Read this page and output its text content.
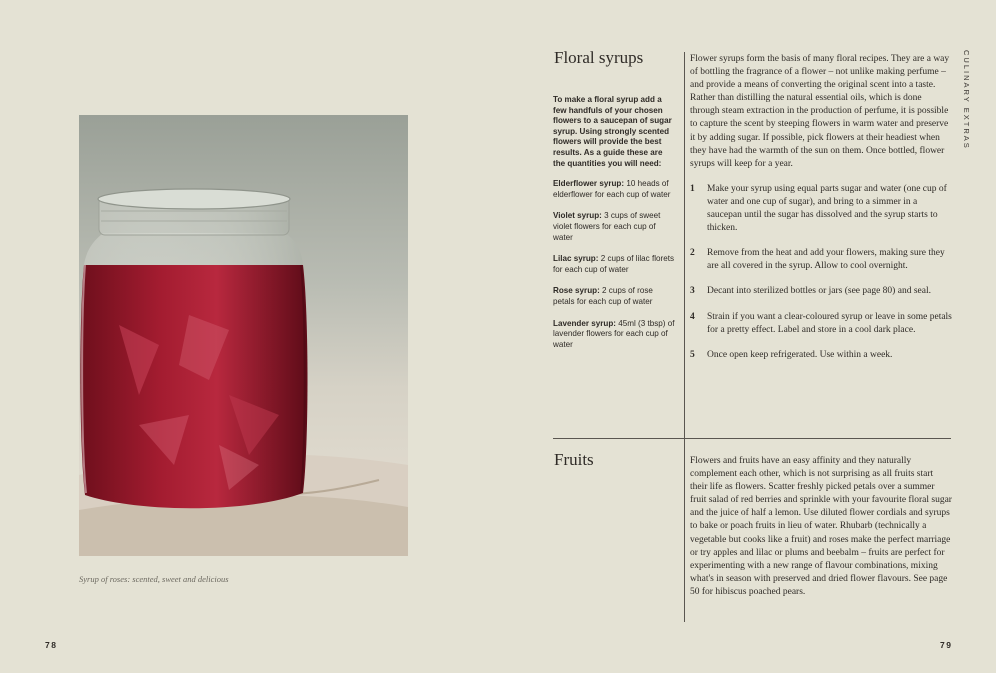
Syrup of roses: scented, sweet and delicious
78
CULINARY EXTRAS
Floral syrups

To make a floral syrup add a few handfuls of your chosen flowers to a saucepan of sugar syrup. Using strongly scented flowers will provide the best results. As a guide these are the quantities you will need:

Elderflower syrup: 10 heads of elderflower for each cup of water

Violet syrup: 3 cups of sweet violet flowers for each cup of water

Lilac syrup: 2 cups of lilac florets for each cup of water

Rose syrup: 2 cups of rose petals for each cup of water

Lavender syrup: 45ml (3 tbsp) of lavender flowers for each cup of water

Flower syrups form the basis of many floral recipes. They are a way of bottling the fragrance of a flower – not unlike making perfume – and provide a means of converting the original scent into a taste. Rather than distilling the natural essential oils, which is done through steam extraction in the production of perfume, it is possible to capture the scent by steeping flowers in warm water and preserve it by adding sugar. If possible, pick flowers at their headiest when they have had the warmth of the sun on them. Once bottled, flower syrups will keep for a year.

1	Make your syrup using equal parts sugar and water (one cup of water and one cup of sugar), and bring to a simmer in a saucepan until the sugar has dissolved and the syrup starts to thicken.
2	Remove from the heat and add your flowers, making sure they are all covered in the syrup. Allow to cool overnight.
3	Decant into sterilized bottles or jars (see page 80) and seal.
4	Strain if you want a clear-coloured syrup or leave in some petals for a pretty effect. Label and store in a cool dark place.
5	Once open keep refrigerated. Use within a week.
Fruits	Flowers and fruits have an easy affinity and they naturally complement each other, which is not surprising as all fruits start their life as flowers. Scatter freshly picked petals over a summer fruit salad of red berries and sprinkle with your favourite floral sugar and the juice of half a lemon. Use diluted flower cordials and syrups to bake or poach fruits in lieu of water. Rhubarb (technically a vegetable but cooks like a fruit) and roses make the perfect marriage or try apples and lilac or plums and beebalm – fruits are perfect for experimenting with a new range of flavour combinations, mixing what's in season with preserved and dried flower flavours. See page 50 for hibiscus poached pears.

79
